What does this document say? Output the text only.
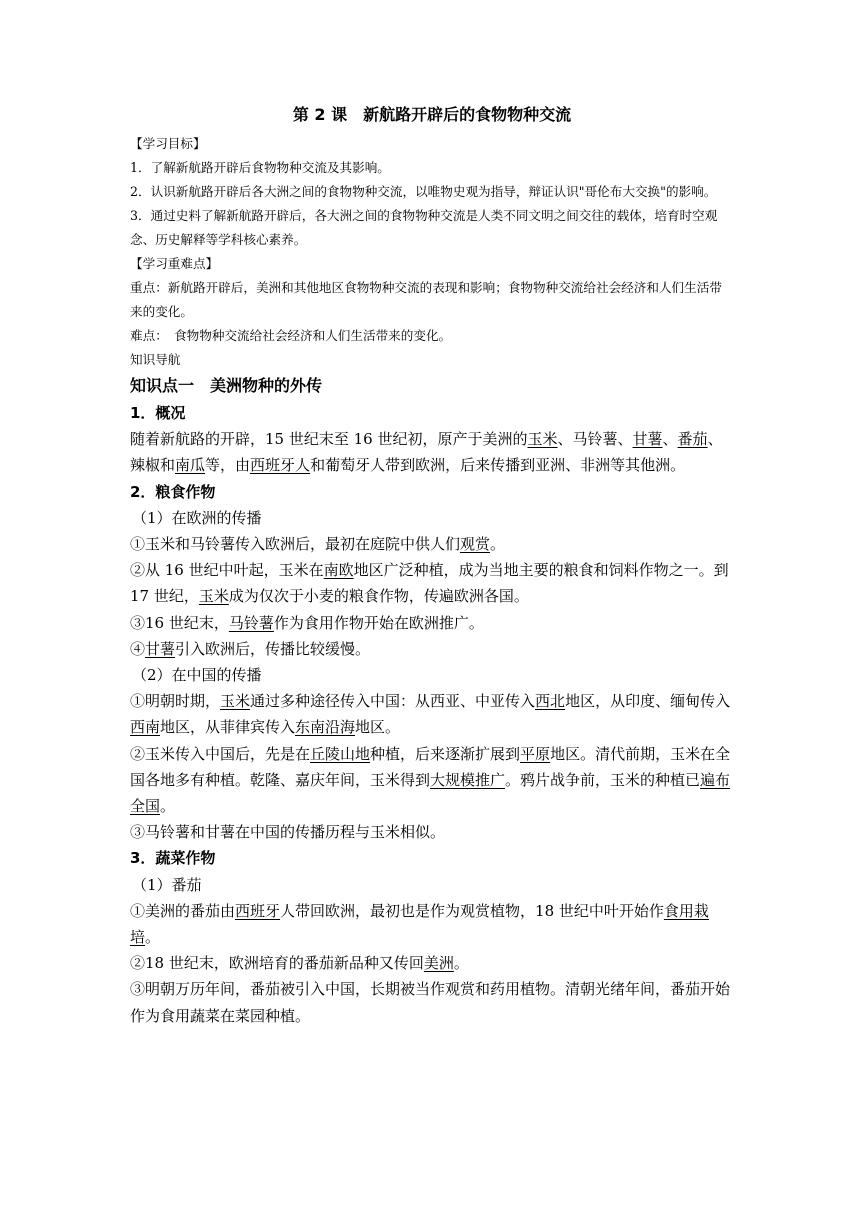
第 2 课　新航路开辟后的食物物种交流

【学习目标】

1．了解新航路开辟后食物物种交流及其影响。

2．认识新航路开辟后各大洲之间的食物物种交流，以唯物史观为指导，辩证认识"哥伦布大交换"的影响。

3．通过史料了解新航路开辟后，各大洲之间的食物物种交流是人类不同文明之间交往的载体，培育时空观念、历史解释等学科核心素养。

【学习重难点】

重点：新航路开辟后，美洲和其他地区食物物种交流的表现和影响；食物物种交流给社会经济和人们生活带来的变化。

难点：　食物物种交流给社会经济和人们生活带来的变化。

知识导航

知识点一　美洲物种的外传

1．概况

随着新航路的开辟，15 世纪末至 16 世纪初，原产于美洲的玉米、马铃薯、甘薯、番茄、辣椒和南瓜等，由西班牙人和葡萄牙人带到欧洲，后来传播到亚洲、非洲等其他洲。

2．粮食作物

（1）在欧洲的传播

①玉米和马铃薯传入欧洲后，最初在庭院中供人们观赏。

②从 16 世纪中叶起，玉米在南欧地区广泛种植，成为当地主要的粮食和饲料作物之一。到 17 世纪，玉米成为仅次于小麦的粮食作物，传遍欧洲各国。

③16 世纪末，马铃薯作为食用作物开始在欧洲推广。

④甘薯引入欧洲后，传播比较缓慢。

（2）在中国的传播

①明朝时期，玉米通过多种途径传入中国：从西亚、中亚传入西北地区，从印度、缅甸传入西南地区，从菲律宾传入东南沿海地区。

②玉米传入中国后，先是在丘陵山地种植，后来逐渐扩展到平原地区。清代前期，玉米在全国各地多有种植。乾隆、嘉庆年间，玉米得到大规模推广。鸦片战争前，玉米的种植已遍布全国。

③马铃薯和甘薯在中国的传播历程与玉米相似。

3．蔬菜作物

（1）番茄

①美洲的番茄由西班牙人带回欧洲，最初也是作为观赏植物，18 世纪中叶开始作食用栽培。

②18 世纪末，欧洲培育的番茄新品种又传回美洲。

③明朝万历年间，番茄被引入中国，长期被当作观赏和药用植物。清朝光绪年间，番茄开始作为食用蔬菜在菜园种植。
